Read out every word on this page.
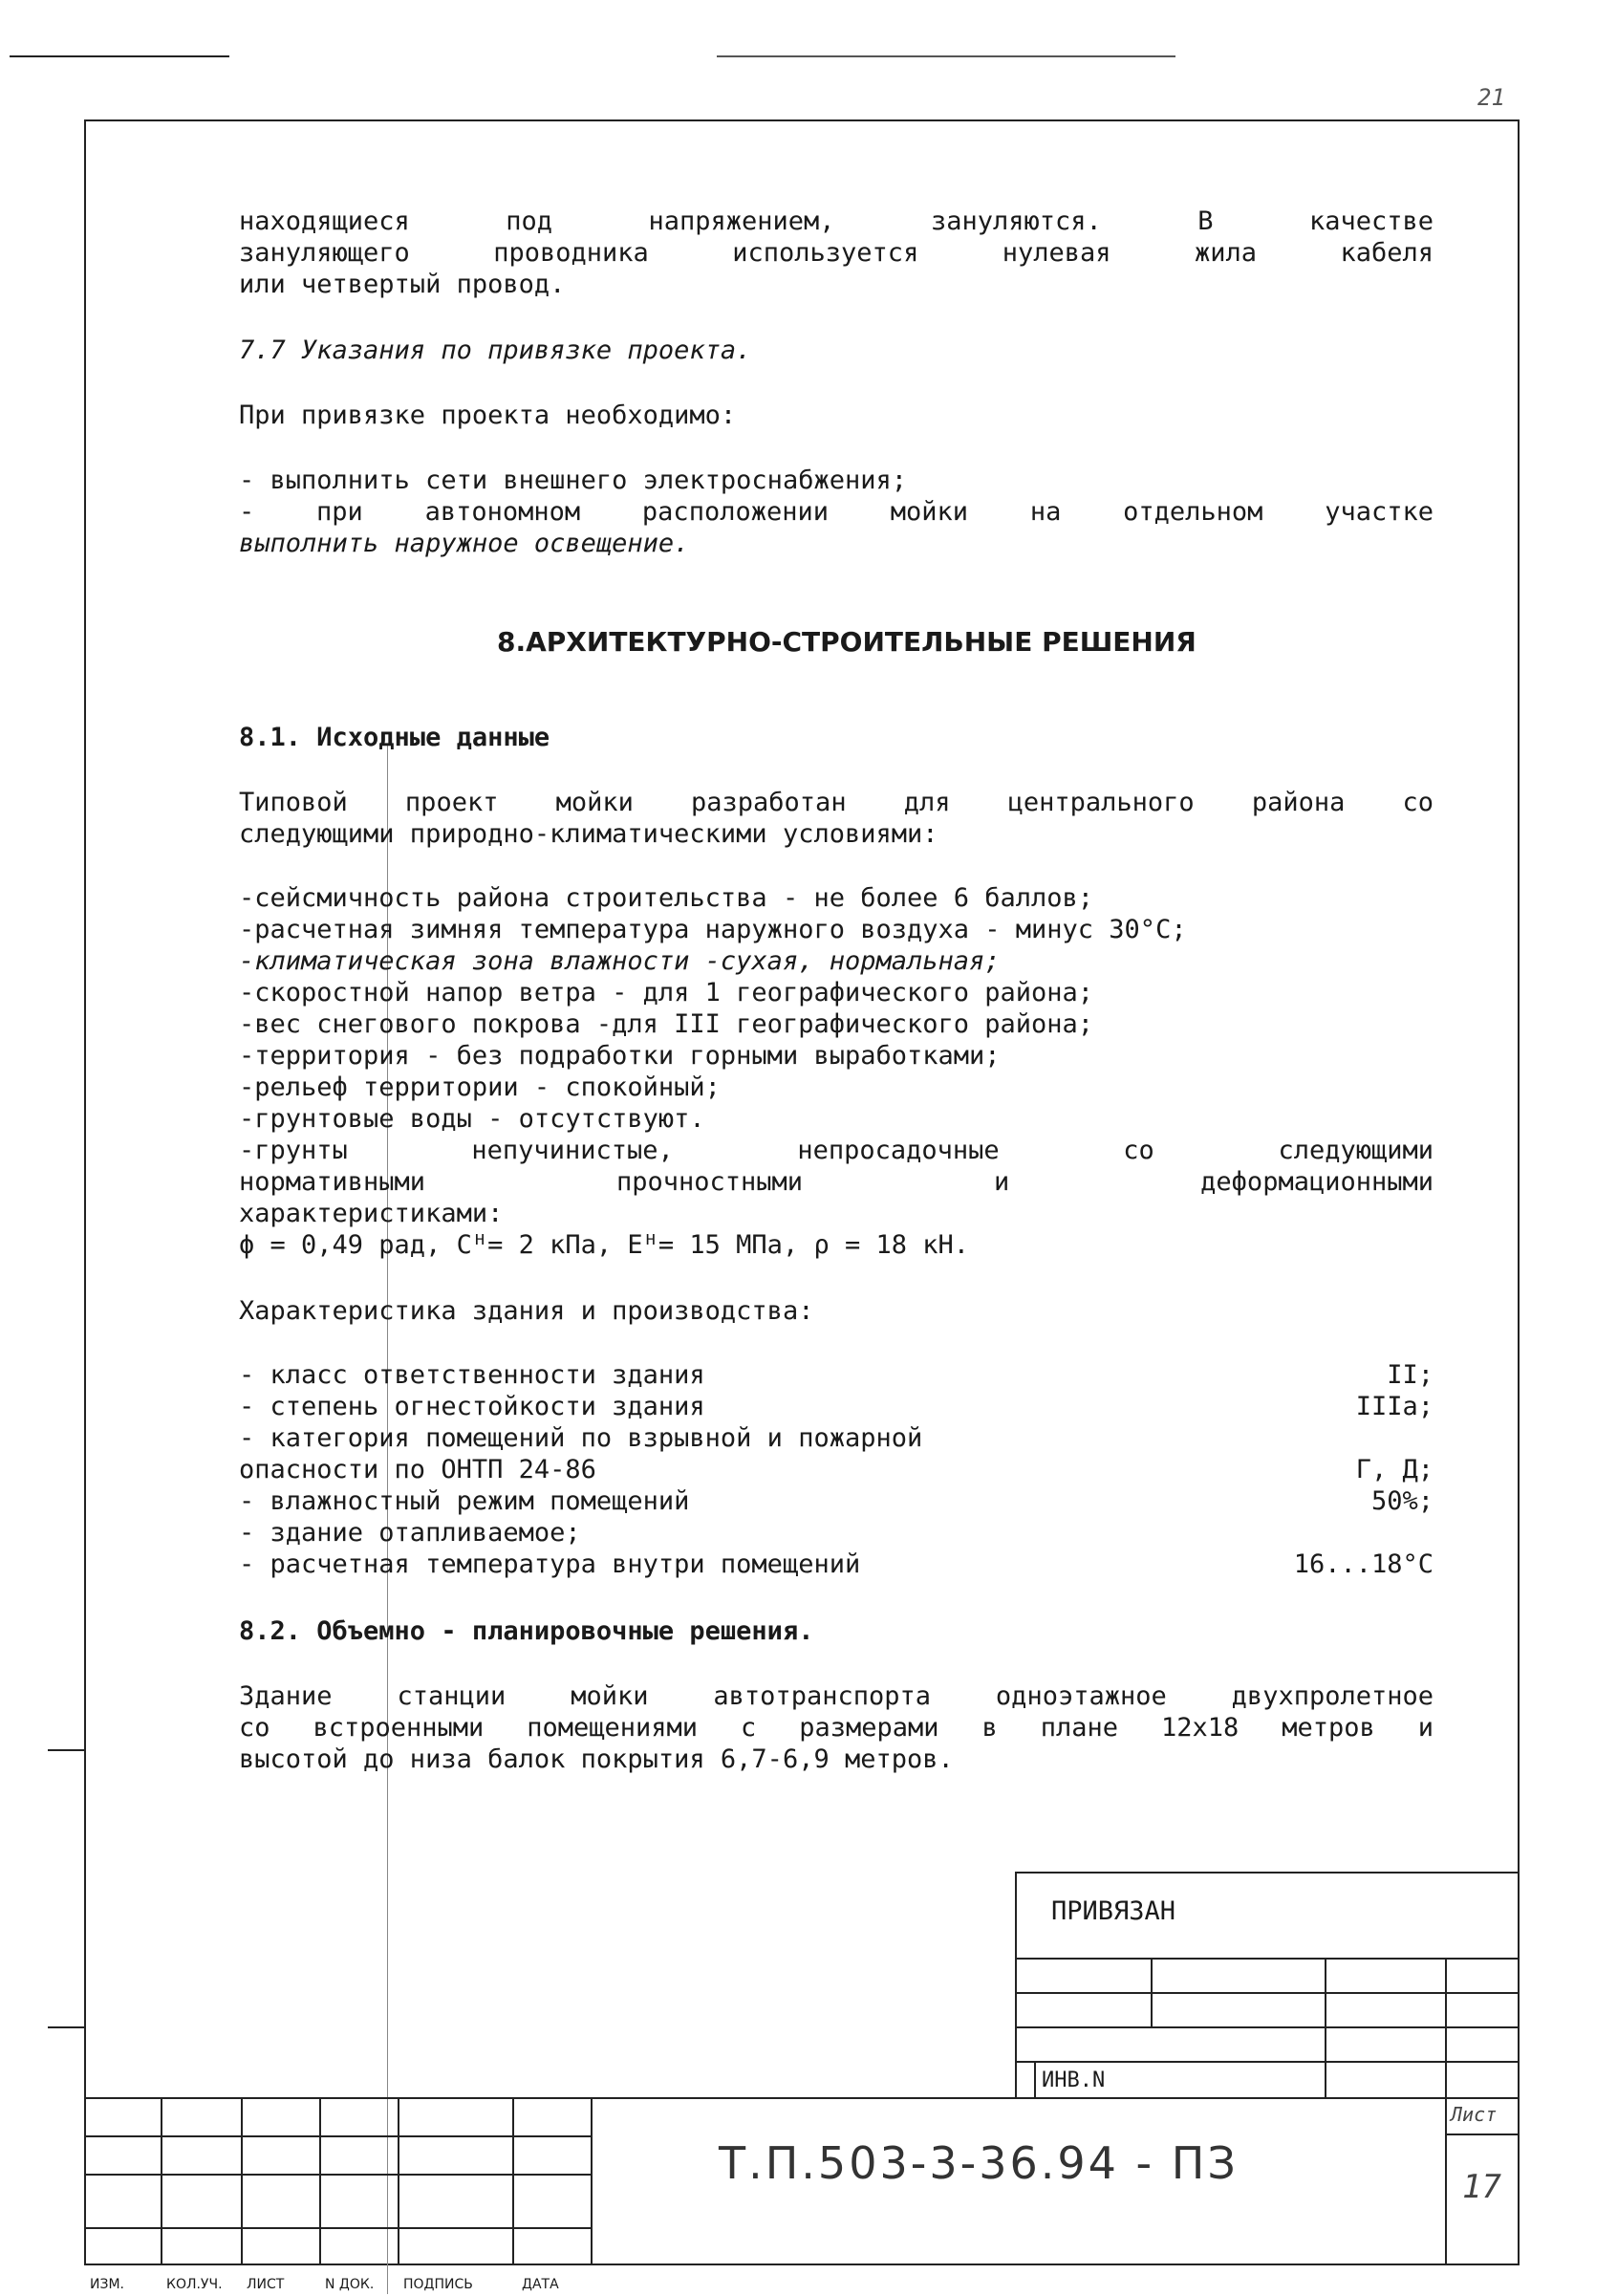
21
находящиеся под напряжением, зануляются. В качестве
зануляющего проводника используется нулевая жила кабеля
или четвертый провод.
7.7 Указания по привязке проекта.
При привязке проекта необходимо:
- выполнить сети внешнего электроснабжения;
- при автономном расположении мойки на отдельном участке
выполнить наружное освещение.
8.АРХИТЕКТУРНО-СТРОИТЕЛЬНЫЕ РЕШЕНИЯ
8.1. Исходные данные
Типовой проект мойки разработан для центрального района со
следующими природно-климатическими условиями:
-сейсмичность района строительства - не более 6 баллов;
-расчетная зимняя температура наружного воздуха - минус 30°С;
-климатическая зона влажности -сухая, нормальная;
-скоростной напор ветра - для 1 географического района;
-вес снегового покрова -для III географического района;
-территория - без подработки горными выработками;
-рельеф территории - спокойный;
-грунтовые воды - отсутствуют.
-грунты непучинистые, непросадочные со следующими
нормативными прочностными и деформационными
характеристиками:
ϕ = 0,49 рад, Cᴴ= 2 кПа, Eᴴ= 15 МПа, ρ = 18 кН.
Характеристика здания и производства:
- класс ответственности здания	II;
- степень огнестойкости здания	IIIа;
- категория помещений по взрывной и пожарной
опасности по ОНТП 24-86	Г, Д;
- влажностный режим помещений	50%;
- здание отапливаемое;
- расчетная температура внутри помещений	16...18°С
8.2. Объемно - планировочные решения.
Здание станции мойки автотранспорта одноэтажное двухпролетное
со встроенными помещениями с размерами в плане 12х18 метров и
высотой до низа балок покрытия 6,7-6,9 метров.
ПРИВЯЗАН
ИНВ.N
Т.П.503-3-36.94 - ПЗ
Лист
17
ИЗМ.	КОЛ.УЧ. ЛИСТ	N ДОК. ПОДПИСЬ	ДАТА
